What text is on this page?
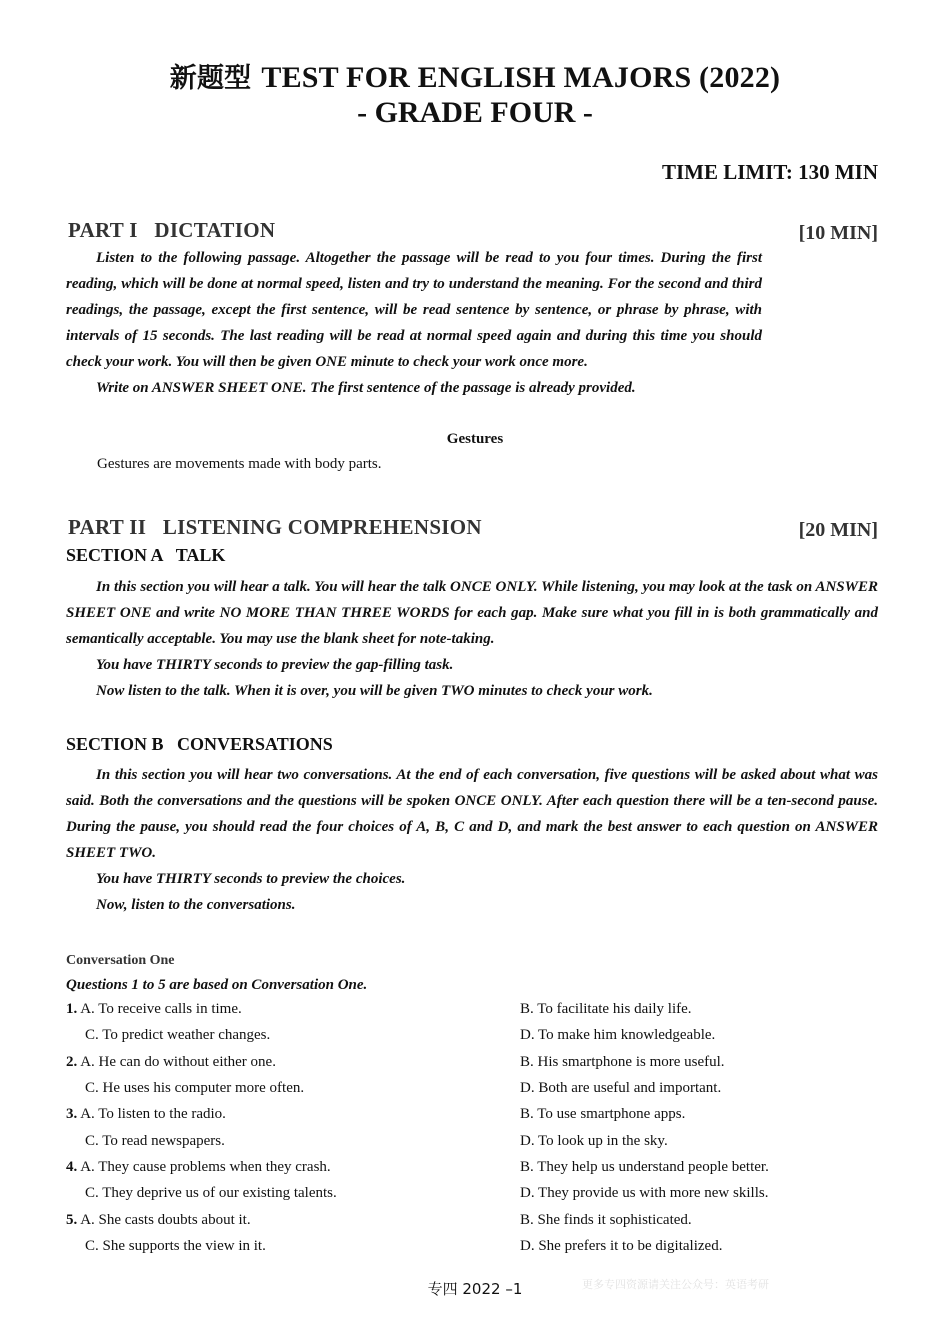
新题型 TEST FOR ENGLISH MAJORS (2022)
- GRADE FOUR -
TIME LIMIT: 130 MIN
PART I   DICTATION	[10 MIN]

Listen to the following passage. Altogether the passage will be read to you four times. During the first reading, which will be done at normal speed, listen and try to understand the meaning. For the second and third readings, the passage, except the first sentence, will be read sentence by sentence, or phrase by phrase, with intervals of 15 seconds. The last reading will be read at normal speed again and during this time you should check your work. You will then be given ONE minute to check your work once more.

Write on ANSWER SHEET ONE. The first sentence of the passage is already provided.

Gestures
Gestures are movements made with body parts.
PART II   LISTENING COMPREHENSION	[20 MIN]
SECTION A   TALK

In this section you will hear a talk. You will hear the talk ONCE ONLY. While listening, you may look at the task on ANSWER SHEET ONE and write NO MORE THAN THREE WORDS for each gap. Make sure what you fill in is both grammatically and semantically acceptable. You may use the blank sheet for note-taking.

You have THIRTY seconds to preview the gap-filling task.

Now listen to the talk. When it is over, you will be given TWO minutes to check your work.

SECTION B   CONVERSATIONS

In this section you will hear two conversations. At the end of each conversation, five questions will be asked about what was said. Both the conversations and the questions will be spoken ONCE ONLY. After each question there will be a ten-second pause. During the pause, you should read the four choices of A, B, C and D, and mark the best answer to each question on ANSWER SHEET TWO.

You have THIRTY seconds to preview the choices.

Now, listen to the conversations.

Conversation One
Questions 1 to 5 are based on Conversation One.
1. A. To receive calls in time.	B. To facilitate his daily life.
C. To predict weather changes.	D. To make him knowledgeable.
2. A. He can do without either one.	B. His smartphone is more useful.
C. He uses his computer more often.	D. Both are useful and important.
3. A. To listen to the radio.	B. To use smartphone apps.
C. To read newspapers.	D. To look up in the sky.
4. A. They cause problems when they crash.	B. They help us understand people better.
C. They deprive us of our existing talents.	D. They provide us with more new skills.
5. A. She casts doubts about it.	B. She finds it sophisticated.
C. She supports the view in it.	D. She prefers it to be digitalized.
专四 2022 –1	更多专四资源请关注公众号：英语考研
